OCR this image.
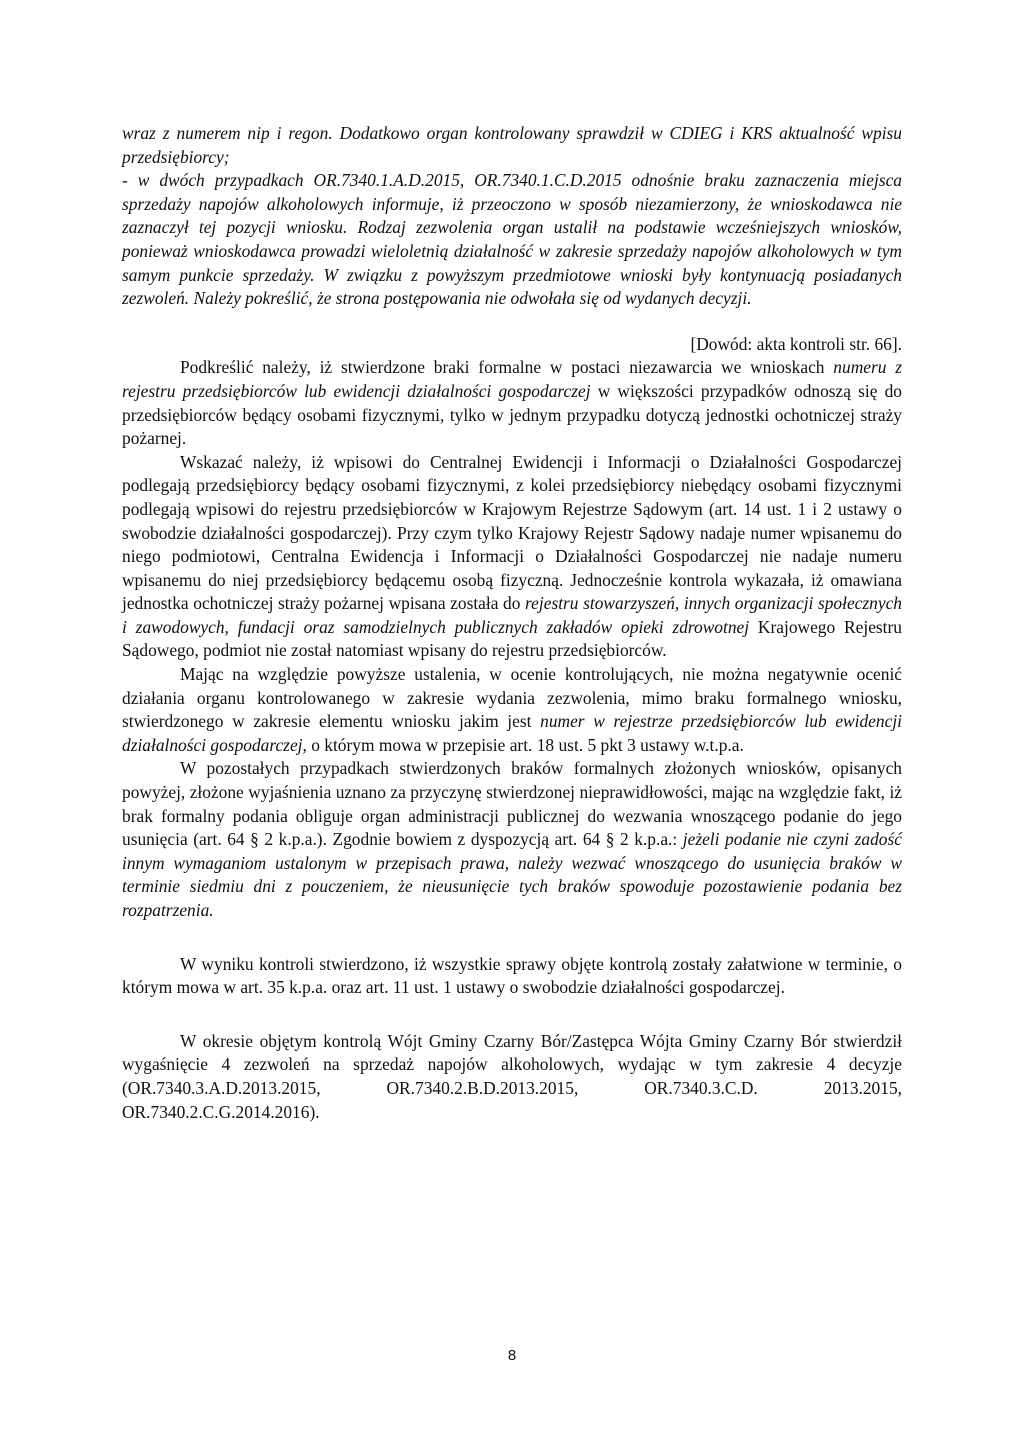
wraz z numerem nip i regon. Dodatkowo organ kontrolowany sprawdził w CDIEG i KRS aktualność wpisu przedsiębiorcy;

- w dwóch przypadkach OR.7340.1.A.D.2015, OR.7340.1.C.D.2015 odnośnie braku zaznaczenia miejsca sprzedaży napojów alkoholowych informuje, iż przeoczono w sposób niezamierzony, że wnioskodawca nie zaznaczył tej pozycji wniosku. Rodzaj zezwolenia organ ustalił na podstawie wcześniejszych wniosków, ponieważ wnioskodawca prowadzi wieloletnią działalność w zakresie sprzedaży napojów alkoholowych w tym samym punkcie sprzedaży. W związku z powyższym przedmiotowe wnioski były kontynuacją posiadanych zezwoleń. Należy pokreślić, że strona postępowania nie odwołała się od wydanych decyzji.

[Dowód: akta kontroli str. 66].

Podkreślić należy, iż stwierdzone braki formalne w postaci niezawarcia we wnioskach numeru z rejestru przedsiębiorców lub ewidencji działalności gospodarczej w większości przypadków odnoszą się do przedsiębiorców będący osobami fizycznymi, tylko w jednym przypadku dotyczą jednostki ochotniczej straży pożarnej.

Wskazać należy, iż wpisowi do Centralnej Ewidencji i Informacji o Działalności Gospodarczej podlegają przedsiębiorcy będący osobami fizycznymi, z kolei przedsiębiorcy niebędący osobami fizycznymi podlegają wpisowi do rejestru przedsiębiorców w Krajowym Rejestrze Sądowym (art. 14 ust. 1 i 2 ustawy o swobodzie działalności gospodarczej). Przy czym tylko Krajowy Rejestr Sądowy nadaje numer wpisanemu do niego podmiotowi, Centralna Ewidencja i Informacji o Działalności Gospodarczej nie nadaje numeru wpisanemu do niej przedsiębiorcy będącemu osobą fizyczną. Jednocześnie kontrola wykazała, iż omawiana jednostka ochotniczej straży pożarnej wpisana została do rejestru stowarzyszeń, innych organizacji społecznych i zawodowych, fundacji oraz samodzielnych publicznych zakładów opieki zdrowotnej Krajowego Rejestru Sądowego, podmiot nie został natomiast wpisany do rejestru przedsiębiorców.

Mając na względzie powyższe ustalenia, w ocenie kontrolujących, nie można negatywnie ocenić działania organu kontrolowanego w zakresie wydania zezwolenia, mimo braku formalnego wniosku, stwierdzonego w zakresie elementu wniosku jakim jest numer w rejestrze przedsiębiorców lub ewidencji działalności gospodarczej, o którym mowa w przepisie art. 18 ust. 5 pkt 3 ustawy w.t.p.a.

W pozostałych przypadkach stwierdzonych braków formalnych złożonych wniosków, opisanych powyżej, złożone wyjaśnienia uznano za przyczynę stwierdzonej nieprawidłowości, mając na względzie fakt, iż brak formalny podania obliguje organ administracji publicznej do wezwania wnoszącego podanie do jego usunięcia (art. 64 § 2 k.p.a.). Zgodnie bowiem z dyspozycją art. 64 § 2 k.p.a.: jeżeli podanie nie czyni zadość innym wymaganiom ustalonym w przepisach prawa, należy wezwać wnoszącego do usunięcia braków w terminie siedmiu dni z pouczeniem, że nieusunięcie tych braków spowoduje pozostawienie podania bez rozpatrzenia.

W wyniku kontroli stwierdzono, iż wszystkie sprawy objęte kontrolą zostały załatwione w terminie, o którym mowa w art. 35 k.p.a. oraz art. 11 ust. 1 ustawy o swobodzie działalności gospodarczej.

W okresie objętym kontrolą Wójt Gminy Czarny Bór/Zastępca Wójta Gminy Czarny Bór stwierdził wygaśnięcie 4 zezwoleń na sprzedaż napojów alkoholowych, wydając w tym zakresie 4 decyzje (OR.7340.3.A.D.2013.2015, OR.7340.2.B.D.2013.2015, OR.7340.3.C.D. 2013.2015, OR.7340.2.C.G.2014.2016).

8
